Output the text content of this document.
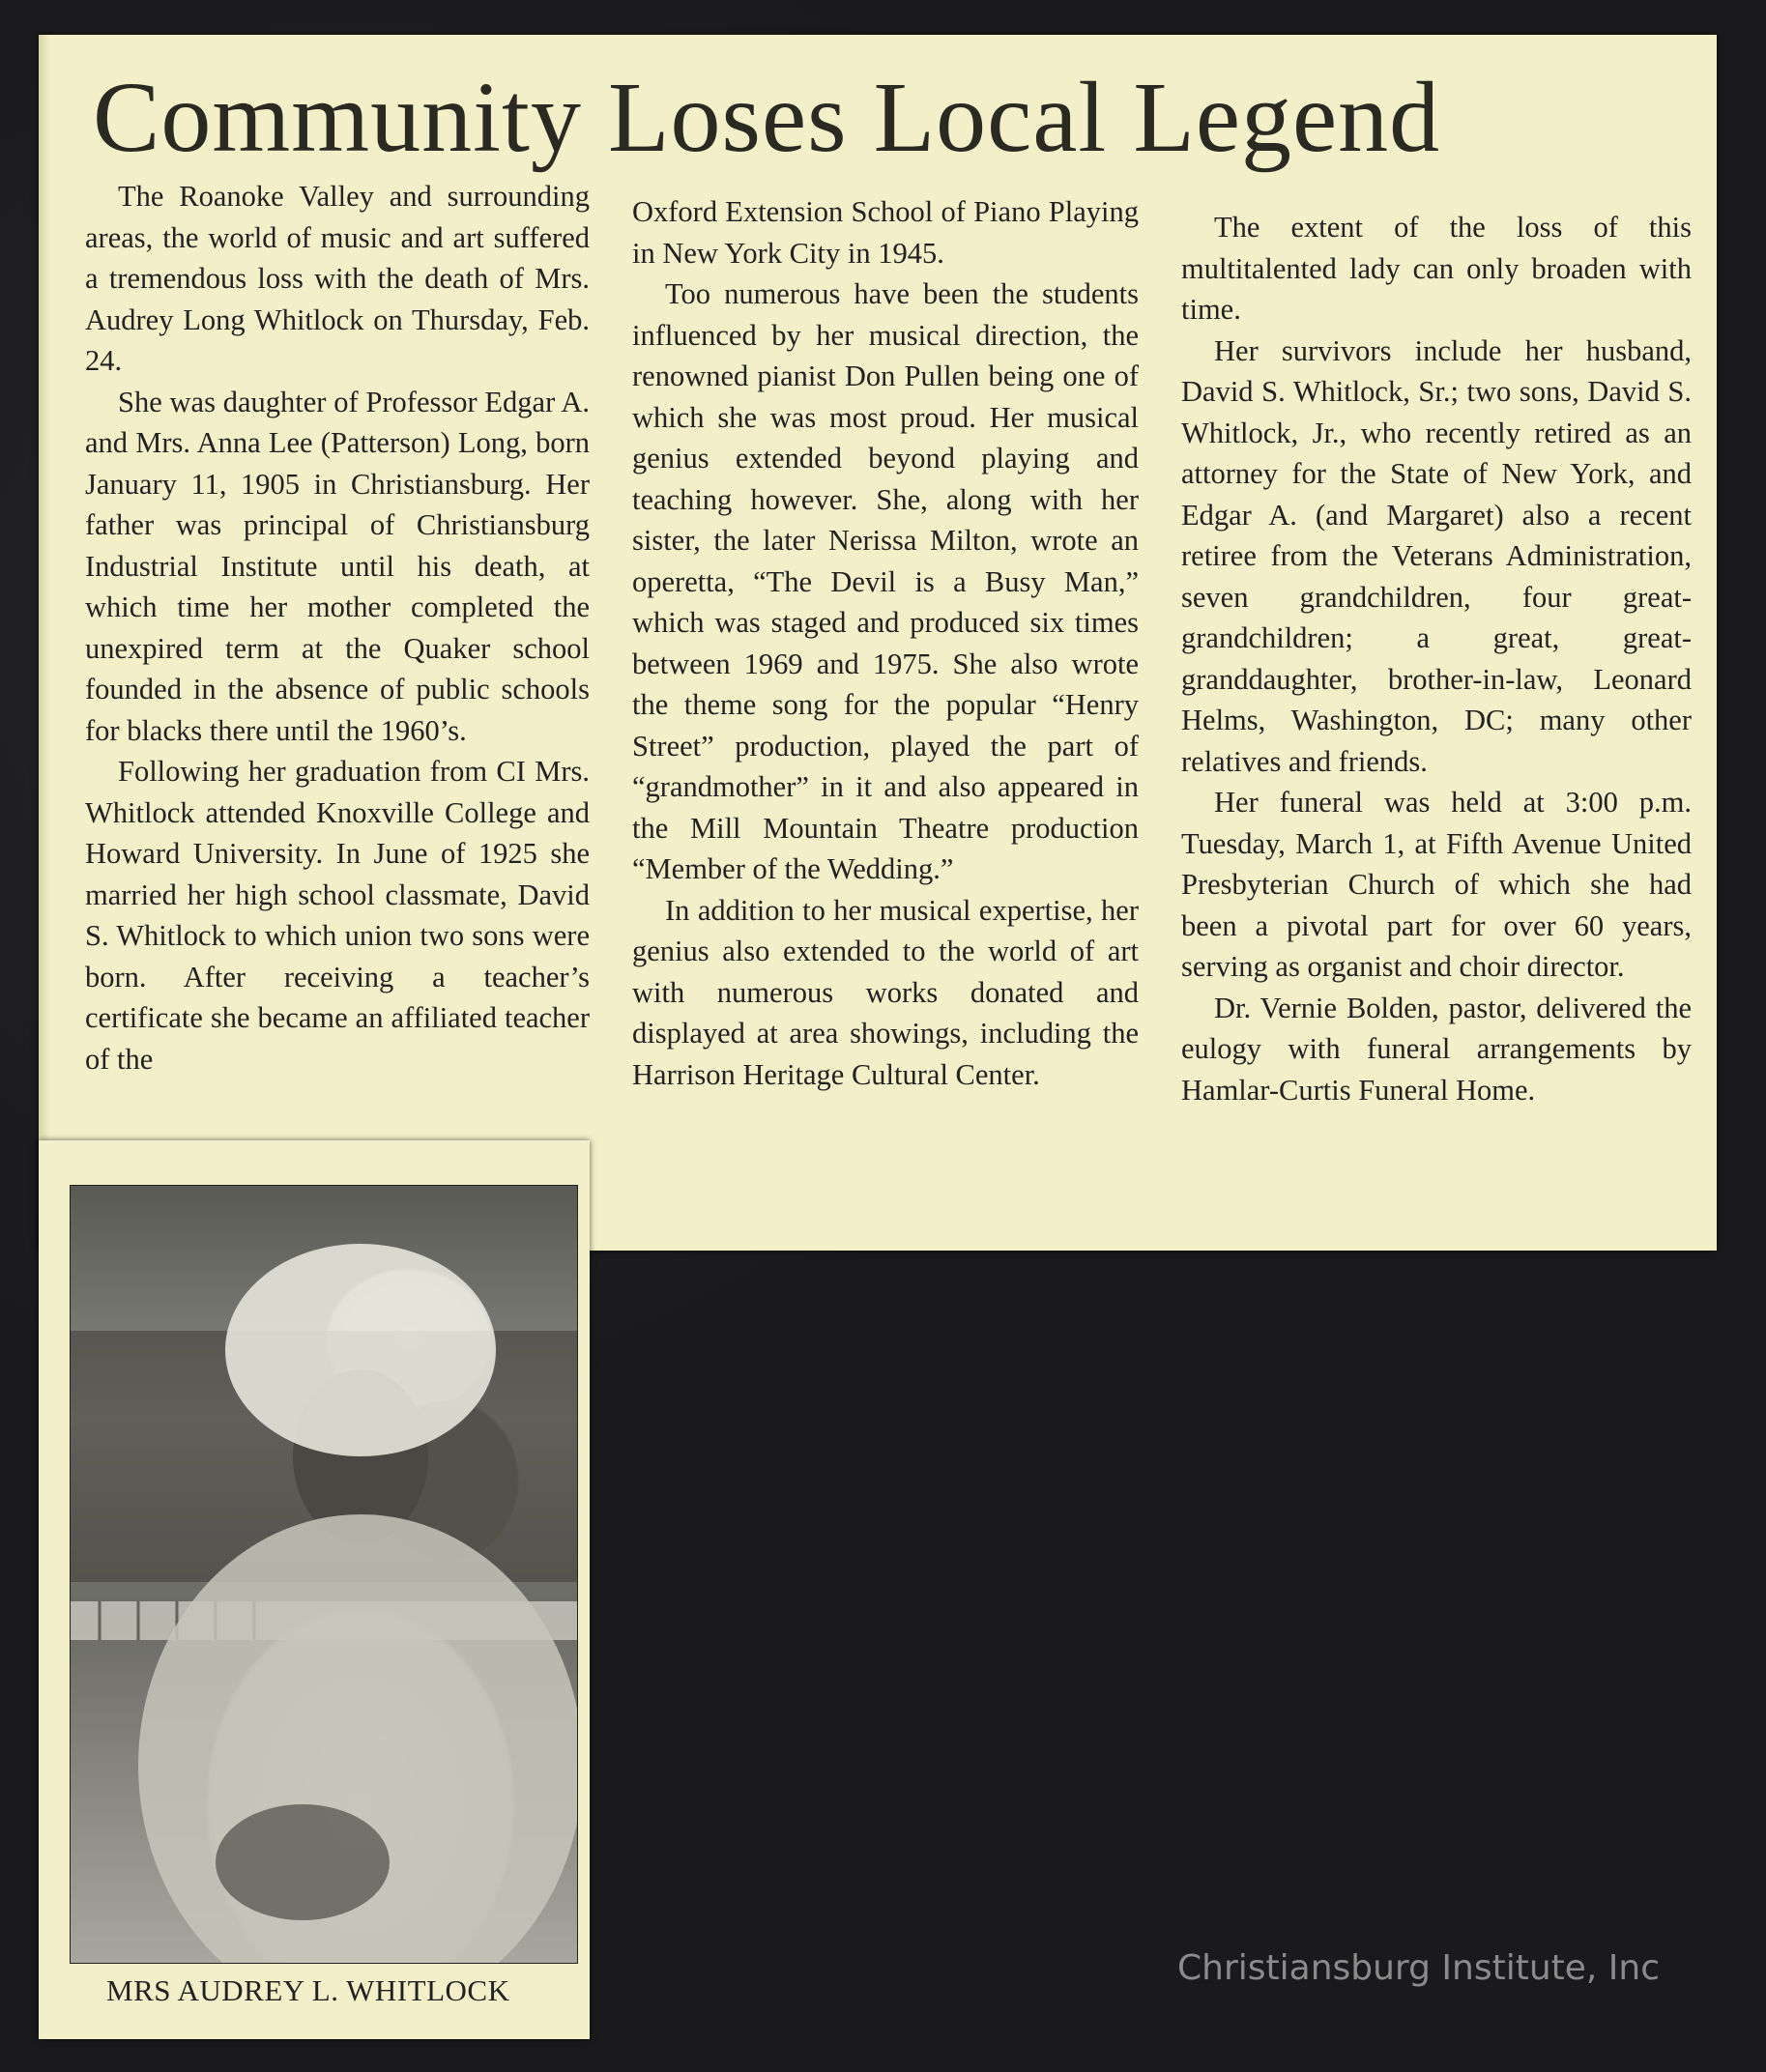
Community Loses Local Legend

The Roanoke Valley and surrounding areas, the world of music and art suffered a tremendous loss with the death of Mrs. Audrey Long Whitlock on Thursday, Feb. 24.

She was daughter of Professor Edgar A. and Mrs. Anna Lee (Patterson) Long, born January 11, 1905 in Christiansburg. Her father was principal of Christiansburg Industrial Institute until his death, at which time her mother completed the unexpired term at the Quaker school founded in the absence of public schools for blacks there until the 1960’s.

Following her graduation from CI Mrs. Whitlock attended Knoxville College and Howard University. In June of 1925 she married her high school classmate, David S. Whitlock to which union two sons were born. After receiving a teacher’s certificate she became an affiliated teacher of the

Oxford Extension School of Piano Playing in New York City in 1945.

Too numerous have been the students influenced by her musical direction, the renowned pianist Don Pullen being one of which she was most proud. Her musical genius extended beyond playing and teaching however. She, along with her sister, the later Nerissa Milton, wrote an operetta, “The Devil is a Busy Man,” which was staged and produced six times between 1969 and 1975. She also wrote the theme song for the popular “Henry Street” production, played the part of “grandmother” in it and also appeared in the Mill Mountain Theatre production “Member of the Wedding.”

In addition to her musical expertise, her genius also extended to the world of art with numerous works donated and displayed at area showings, including the Harrison Heritage Cultural Center.

The extent of the loss of this multitalented lady can only broaden with time.

Her survivors include her husband, David S. Whitlock, Sr.; two sons, David S. Whitlock, Jr., who recently retired as an attorney for the State of New York, and Edgar A. (and Margaret) also a recent retiree from the Veterans Administration, seven grandchildren, four great-grandchildren; a great, great-granddaughter, brother-in-law, Leonard Helms, Washington, DC; many other relatives and friends.

Her funeral was held at 3:00 p.m. Tuesday, March 1, at Fifth Avenue United Presbyterian Church of which she had been a pivotal part for over 60 years, serving as organist and choir director.

Dr. Vernie Bolden, pastor, delivered the eulogy with funeral arrangements by Hamlar-Curtis Funeral Home.

MRS AUDREY L. WHITLOCK
Christiansburg Institute, Inc
